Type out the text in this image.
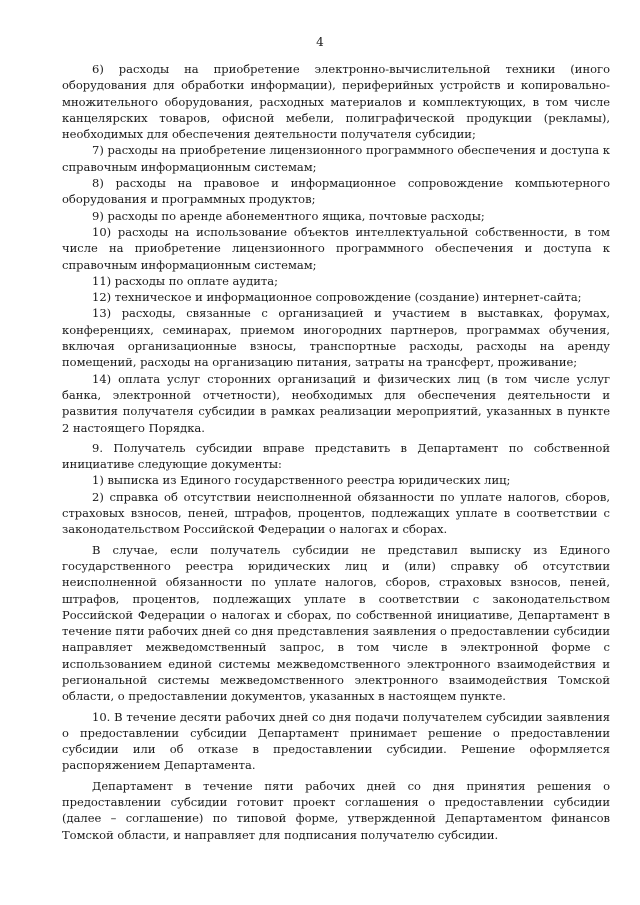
4

6) расходы на приобретение электронно-вычислительной техники (иного оборудования для обработки информации), периферийных устройств и копировально-множительного оборудования, расходных материалов и комплектующих, в том числе канцелярских товаров, офисной мебели, полиграфической продукции (рекламы), необходимых для обеспечения деятельности получателя субсидии;

7) расходы на приобретение лицензионного программного обеспечения и доступа к справочным информационным системам;

8) расходы на правовое и информационное сопровождение компьютерного оборудования и программных продуктов;

9) расходы по аренде абонементного ящика, почтовые расходы;

10) расходы на использование объектов интеллектуальной собственности, в том числе на приобретение лицензионного программного обеспечения и доступа к справочным информационным системам;

11) расходы по оплате аудита;

12) техническое и информационное сопровождение (создание) интернет-сайта;

13) расходы, связанные с организацией и участием в выставках, форумах, конференциях, семинарах, приемом иногородних партнеров, программах обучения, включая организационные взносы, транспортные расходы, расходы на аренду помещений, расходы на организацию питания, затраты на трансферт, проживание;

14) оплата услуг сторонних организаций и физических лиц (в том числе услуг банка, электронной отчетности), необходимых для обеспечения деятельности и развития получателя субсидии в рамках реализации мероприятий, указанных в пункте 2 настоящего Порядка.

9. Получатель субсидии вправе представить в Департамент по собственной инициативе следующие документы:

1) выписка из Единого государственного реестра юридических лиц;

2) справка об отсутствии неисполненной обязанности по уплате налогов, сборов, страховых взносов, пеней, штрафов, процентов, подлежащих уплате в соответствии с законодательством Российской Федерации о налогах и сборах.

В случае, если получатель субсидии не представил выписку из Единого государственного реестра юридических лиц и (или) справку об отсутствии неисполненной обязанности по уплате налогов, сборов, страховых взносов, пеней, штрафов, процентов, подлежащих уплате в соответствии с законодательством Российской Федерации о налогах и сборах, по собственной инициативе, Департамент в течение пяти рабочих дней со дня представления заявления о предоставлении субсидии направляет межведомственный запрос, в том числе в электронной форме с использованием единой системы межведомственного электронного взаимодействия и региональной системы межведомственного электронного взаимодействия Томской области, о предоставлении документов, указанных в настоящем пункте.

10. В течение десяти рабочих дней со дня подачи получателем субсидии заявления о предоставлении субсидии Департамент принимает решение о предоставлении субсидии или об отказе в предоставлении субсидии. Решение оформляется распоряжением Департамента.

Департамент в течение пяти рабочих дней со дня принятия решения о предоставлении субсидии готовит проект соглашения о предоставлении субсидии (далее – соглашение) по типовой форме, утвержденной Департаментом финансов Томской области, и направляет для подписания получателю субсидии.
